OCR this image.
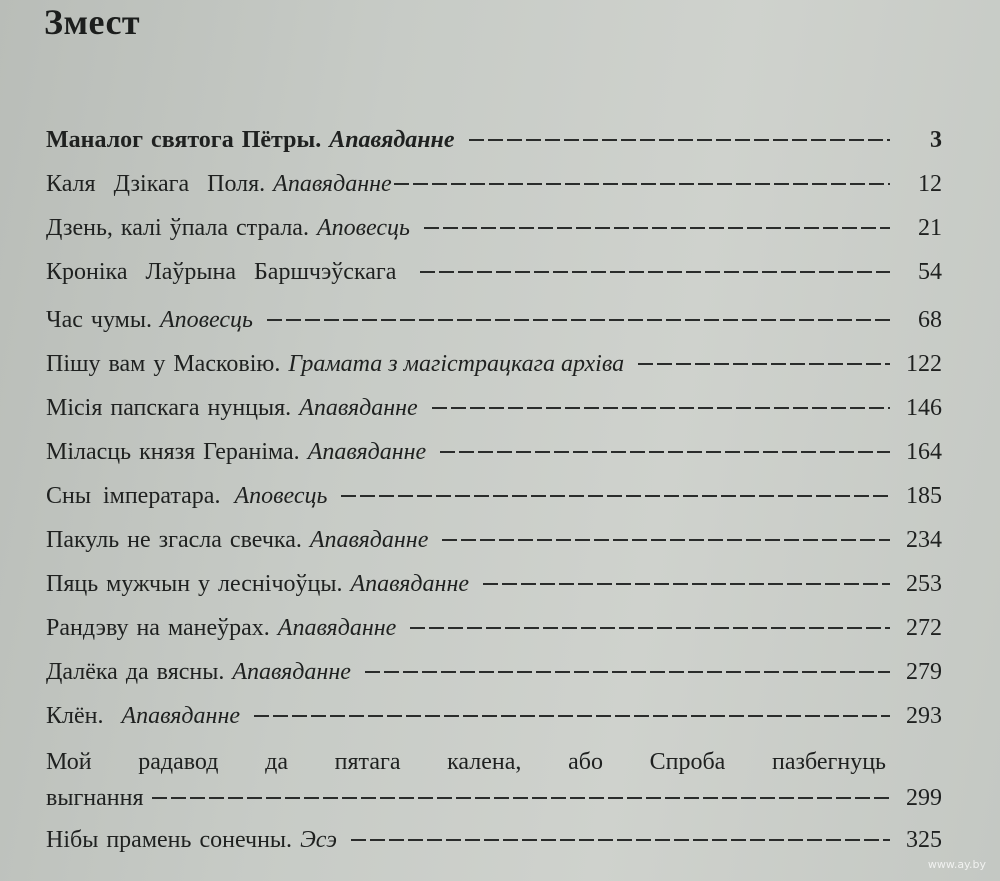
Змест
Маналог святога Пётры. Апавяданне	3
Каля Дзікага Поля. Апавяданне	12
Дзень, калі ўпала страла. Аповесць	21
Кроніка Лаўрына Баршчэўскага	54
Час чумы. Аповесць	68
Пішу вам у Масковію. Грамата з магістрацкага архіва	122
Місія папскага нунцыя. Апавяданне	146
Міласць князя Гераніма. Апавяданне	164
Сны імператара. Аповесць	185
Пакуль не згасла свечка. Апавяданне	234
Пяць мужчын у леснічоўцы. Апавяданне	253
Рандэву на манеўрах. Апавяданне	272
Далёка да вясны. Апавяданне	279
Клён. Апавяданне	293
Мой радавод да пятага калена, або Спроба пазбегнуць
выгнання	299
Нібы прамень сонечны. Эсэ	325
www.ay.by
